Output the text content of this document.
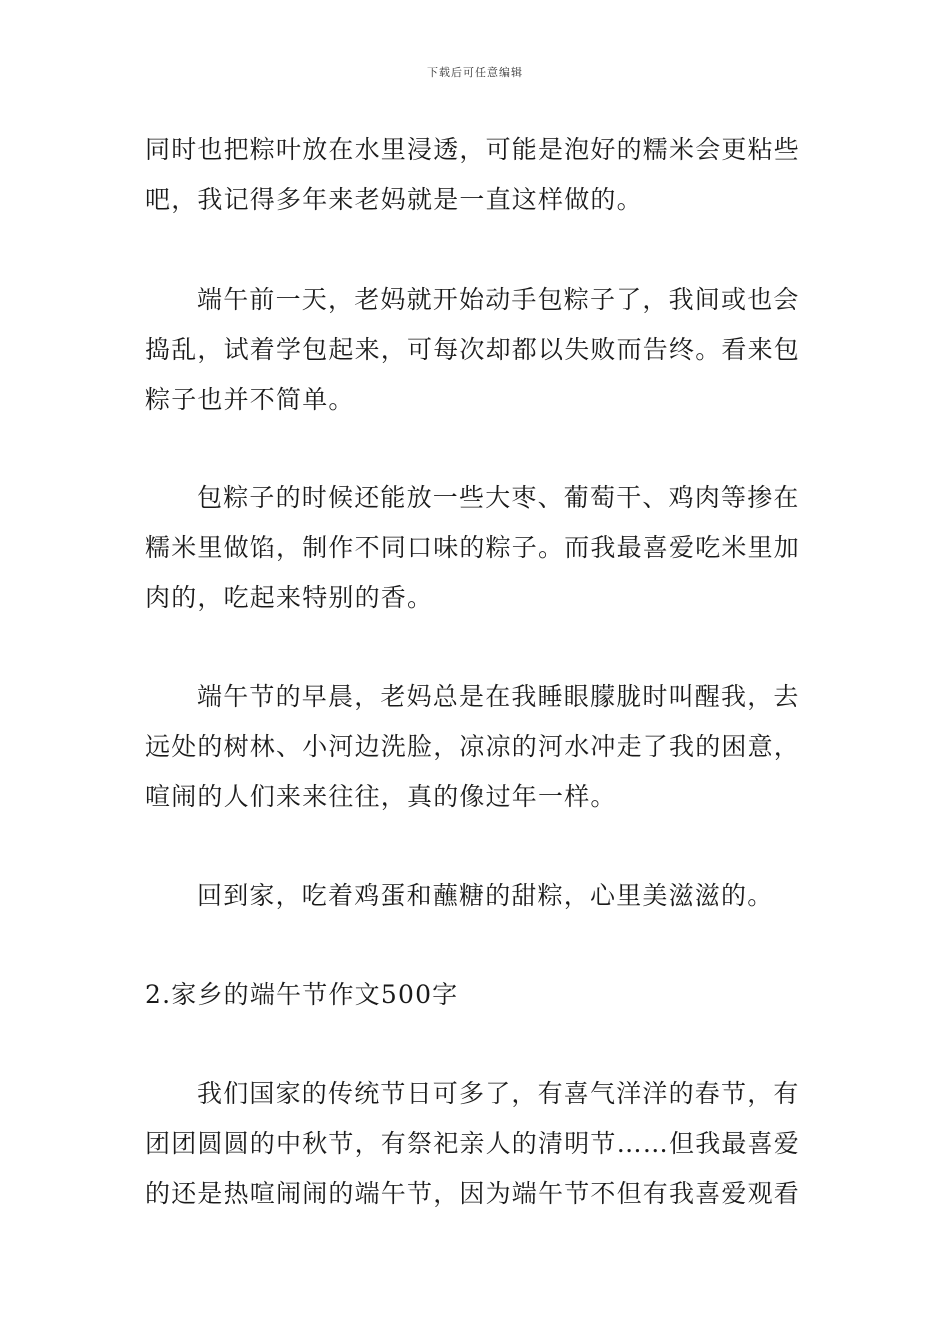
下载后可任意编辑
同时也把粽叶放在水里浸透，可能是泡好的糯米会更粘些
吧，我记得多年来老妈就是一直这样做的。
端午前一天，老妈就开始动手包粽子了，我间或也会
捣乱，试着学包起来，可每次却都以失败而告终。看来包
粽子也并不简单。
包粽子的时候还能放一些大枣、葡萄干、鸡肉等掺在
糯米里做馅，制作不同口味的粽子。而我最喜爱吃米里加
肉的，吃起来特别的香。
端午节的早晨，老妈总是在我睡眼朦胧时叫醒我，去
远处的树林、小河边洗脸，凉凉的河水冲走了我的困意，
喧闹的人们来来往往，真的像过年一样。
回到家，吃着鸡蛋和蘸糖的甜粽，心里美滋滋的。
2.家乡的端午节作文500字
我们国家的传统节日可多了，有喜气洋洋的春节，有
团团圆圆的中秋节，有祭祀亲人的清明节……但我最喜爱
的还是热喧闹闹的端午节，因为端午节不但有我喜爱观看
